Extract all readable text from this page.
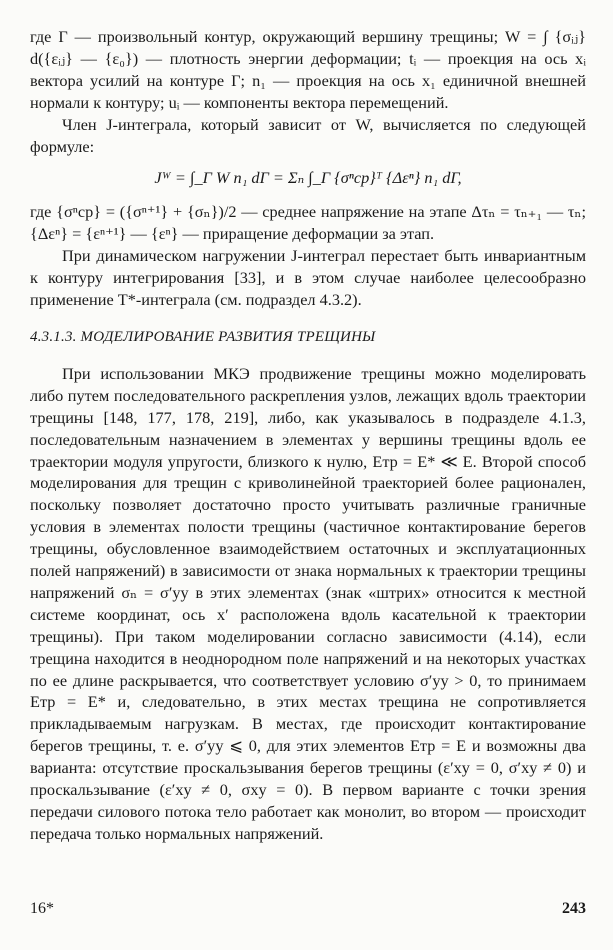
где Γ — произвольный контур, окружающий вершину трещины; W = ∫ {σᵢⱼ} d({εᵢⱼ} — {ε₀}) — плотность энергии деформации; tᵢ — проекция на ось xᵢ вектора усилий на контуре Γ; n₁ — проекция на ось x₁ единичной внешней нормали к контуру; uᵢ — компоненты вектора перемещений.

Член J-интеграла, который зависит от W, вычисляется по следующей формуле:

Jᵂ = ∫_Γ W n₁ dΓ = Σₙ ∫_Γ {σⁿср}ᵀ {Δεⁿ} n₁ dΓ,

где {σⁿср} = ({σⁿ⁺¹} + {σₙ})/2 — среднее напряжение на этапе Δτₙ = τₙ₊₁ — τₙ; {Δεⁿ} = {εⁿ⁺¹} — {εⁿ} — приращение деформации за этап.

При динамическом нагружении J-интеграл перестает быть инвариантным к контуру интегрирования [33], и в этом случае наиболее целесообразно применение T*-интеграла (см. подраздел 4.3.2).

4.3.1.3. МОДЕЛИРОВАНИЕ РАЗВИТИЯ ТРЕЩИНЫ

При использовании МКЭ продвижение трещины можно моделировать либо путем последовательного раскрепления узлов, лежащих вдоль траектории трещины [148, 177, 178, 219], либо, как указывалось в подразделе 4.1.3, последовательным назначением в элементах у вершины трещины вдоль ее траектории модуля упругости, близкого к нулю, Eтр = E* ≪ E. Второй способ моделирования для трещин с криволинейной траекторией более рационален, поскольку позволяет достаточно просто учитывать различные граничные условия в элементах полости трещины (частичное контактирование берегов трещины, обусловленное взаимодействием остаточных и эксплуатационных полей напряжений) в зависимости от знака нормальных к траектории трещины напряжений σₙ = σ′yy в этих элементах (знак «штрих» относится к местной системе координат, ось x′ расположена вдоль касательной к траектории трещины). При таком моделировании согласно зависимости (4.14), если трещина находится в неоднородном поле напряжений и на некоторых участках по ее длине раскрывается, что соответствует условию σ′yy > 0, то принимаем Eтр = E* и, следовательно, в этих местах трещина не сопротивляется прикладываемым нагрузкам. В местах, где происходит контактирование берегов трещины, т. е. σ′yy ⩽ 0, для этих элементов Eтр = E и возможны два варианта: отсутствие проскальзывания берегов трещины (ε′xy = 0, σ′xy ≠ 0) и проскальзывание (ε′xy ≠ 0, σxy = 0). В первом варианте с точки зрения передачи силового потока тело работает как монолит, во втором — происходит передача только нормальных напряжений.

16*	243
